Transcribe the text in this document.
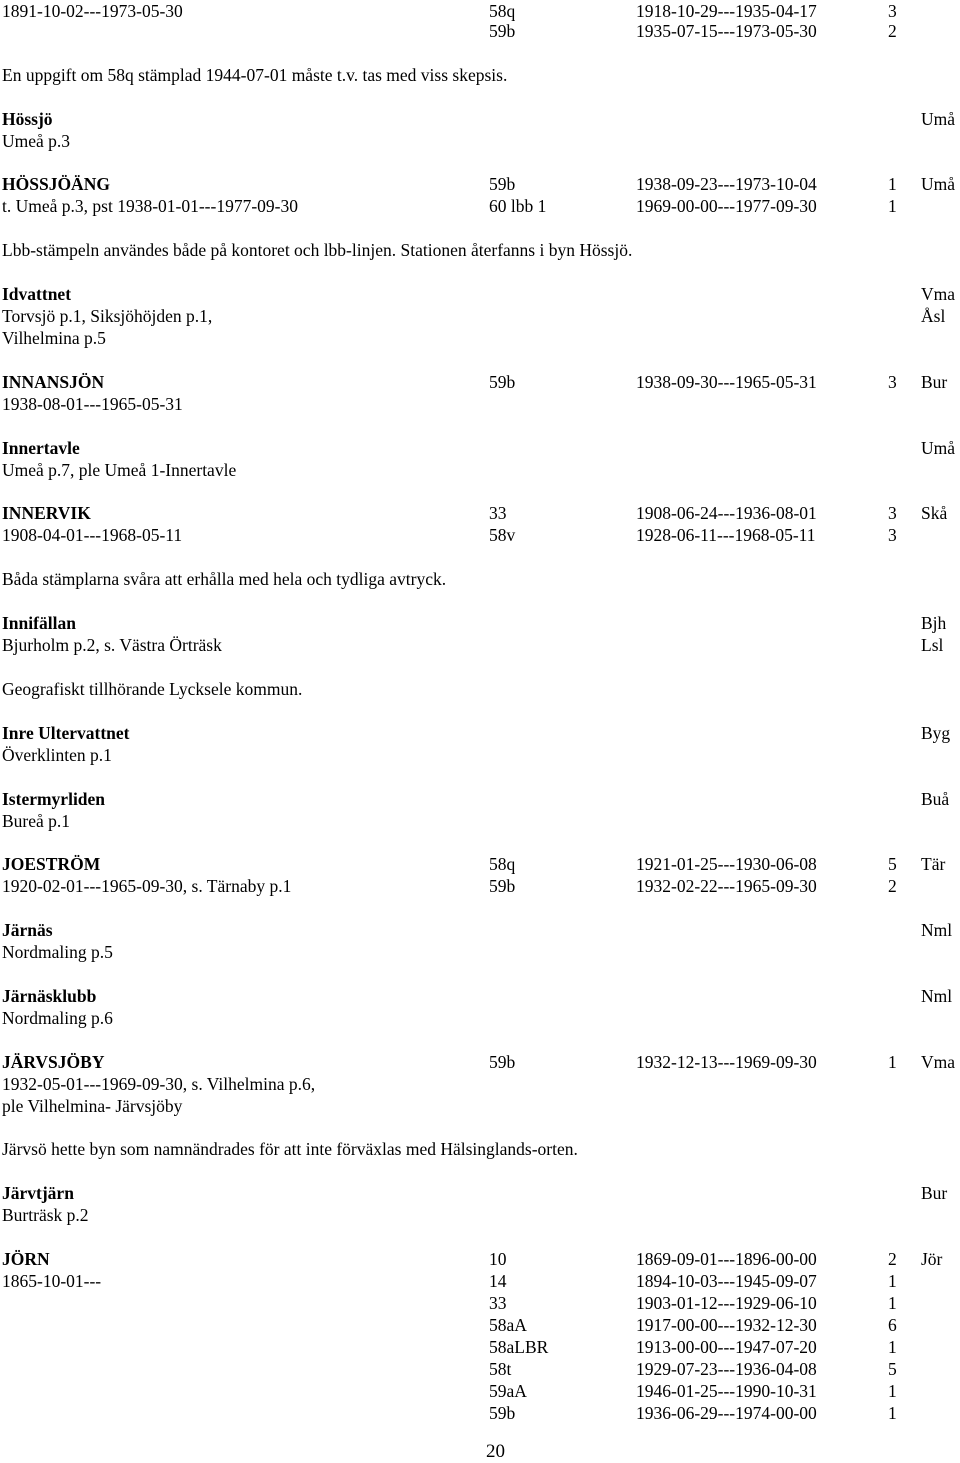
1891-10-02---1973-05-30	58q	1918-10-29---1935-04-17	3
59b	1935-07-15---1973-05-30	2
En uppgift om 58q stämplad 1944-07-01 måste t.v. tas med viss skepsis.
Hössjö	Umå
Umeå p.3
HÖSSJÖÄNG	59b	1938-09-23---1973-10-04	1 Umå
t. Umeå p.3, pst 1938-01-01---1977-09-30	60 lbb 1	1969-00-00---1977-09-30	1
Lbb-stämpeln användes både på kontoret och lbb-linjen. Stationen återfanns i byn Hössjö.
Idvattnet	Vma
Torvsjö p.1, Siksjöhöjden p.1,	Åsl
Vilhelmina p.5
INNANSJÖN	59b	1938-09-30---1965-05-31	3 Bur
1938-08-01---1965-05-31
Innertavle	Umå
Umeå p.7, ple Umeå 1-Innertavle
INNERVIK	33	1908-06-24---1936-08-01	3 Skå
1908-04-01---1968-05-11	58v	1928-06-11---1968-05-11	3
Båda stämplarna svåra att erhålla med hela och tydliga avtryck.
Innifällan	Bjh
Bjurholm p.2, s. Västra Örträsk	Lsl
Geografiskt tillhörande Lycksele kommun.
Inre Ultervattnet	Byg
Överklinten p.1
Istermyrliden	Buå
Bureå p.1
JOESTRÖM	58q	1921-01-25---1930-06-08	5 Tär
1920-02-01---1965-09-30, s. Tärnaby p.1	59b	1932-02-22---1965-09-30	2
Järnäs	Nml
Nordmaling p.5
Järnäsklubb	Nml
Nordmaling p.6
JÄRVSJÖBY	59b	1932-12-13---1969-09-30	1 Vma
1932-05-01---1969-09-30, s. Vilhelmina p.6,
ple Vilhelmina- Järvsjöby
Järvsö hette byn som namnändrades för att inte förväxlas med Hälsinglands-orten.
Järvtjärn	Bur
Burträsk p.2
JÖRN	10	1869-09-01---1896-00-00	2 Jör
1865-10-01---	14	1894-10-03---1945-09-07	1
33	1903-01-12---1929-06-10	1
58aA	1917-00-00---1932-12-30	6
58aLBR	1913-00-00---1947-07-20	1
58t	1929-07-23---1936-04-08	5
59aA	1946-01-25---1990-10-31	1
59b	1936-06-29---1974-00-00	1
20
